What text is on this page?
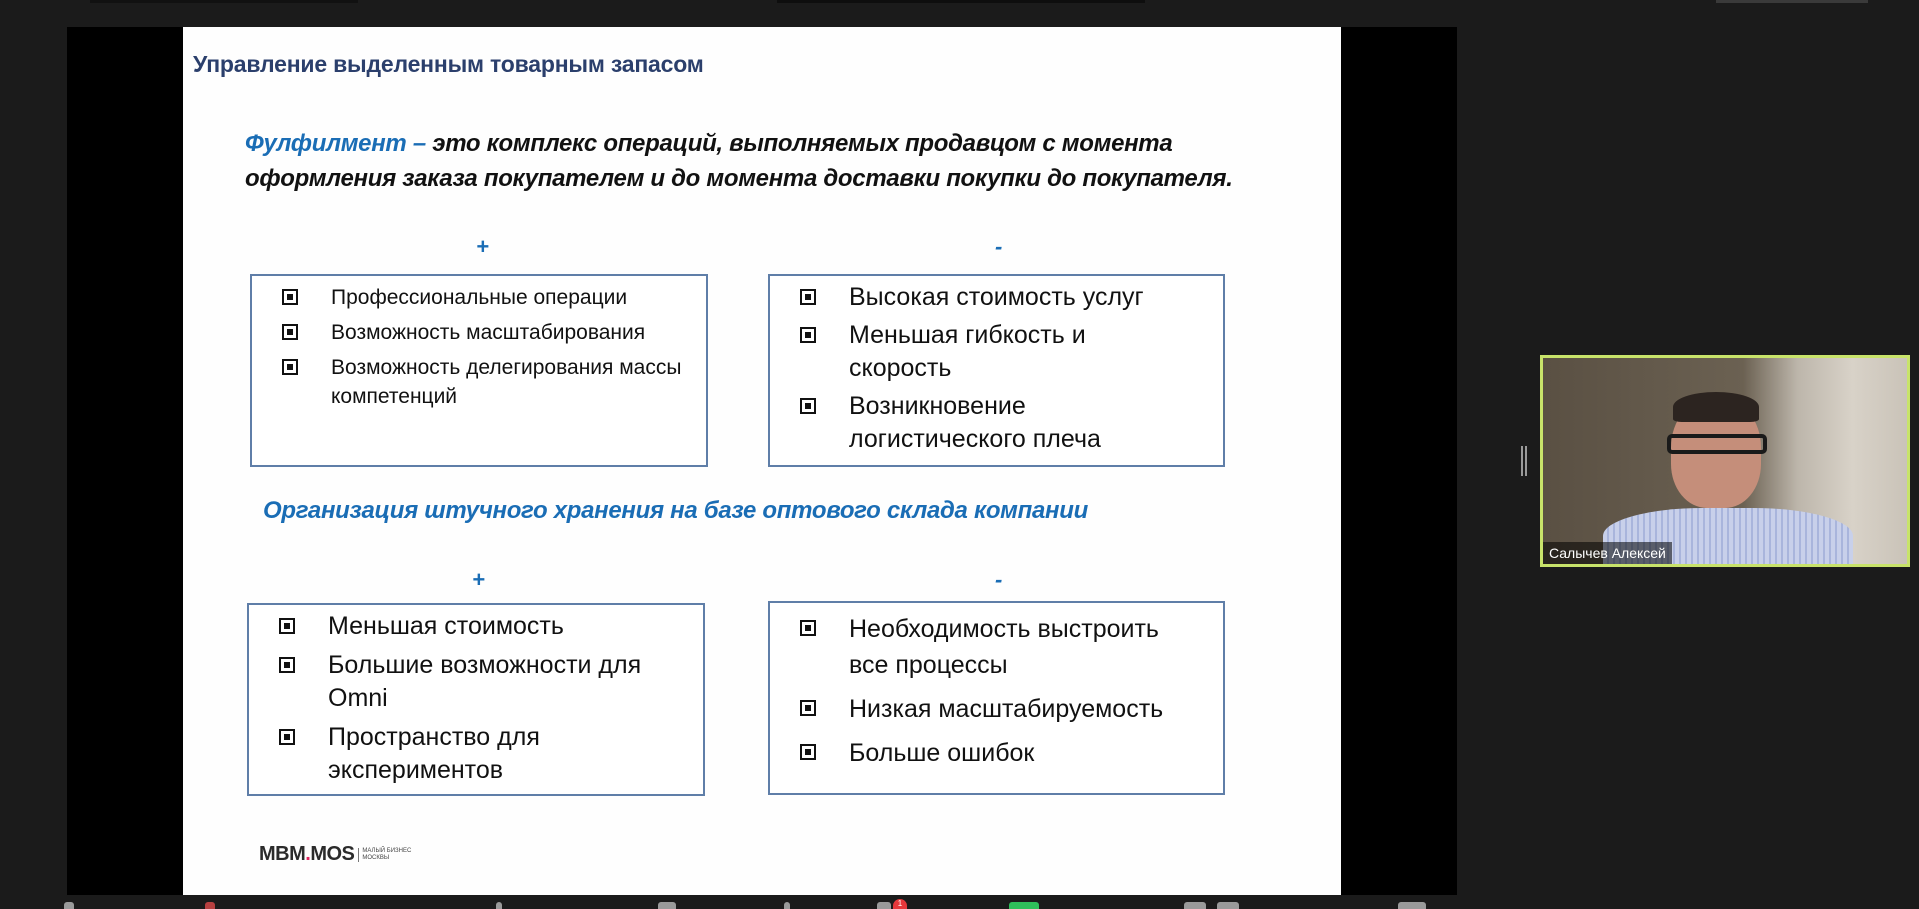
Управление выделенным товарным запасом
Фулфилмент – это комплекс операций, выполняемых продавцом с момента оформления заказа покупателем и до момента доставки покупки до покупателя.
+	-
Профессиональные операции
Возможность масштабирования
Возможность делегирования массы компетенций
Высокая стоимость услуг
Меньшая гибкость и скорость
Возникновение логистического плеча
Организация штучного хранения на базе оптового склада компании
+	-
Меньшая стоимость
Большие возможности для Omni
Пространство для экспериментов
Необходимость выстроить все процессы
Низкая масштабируемость
Больше ошибок
MBM.MOS	МАЛЫЙ БИЗНЕС
МОСКВЫ
Салычев Алексей
1
